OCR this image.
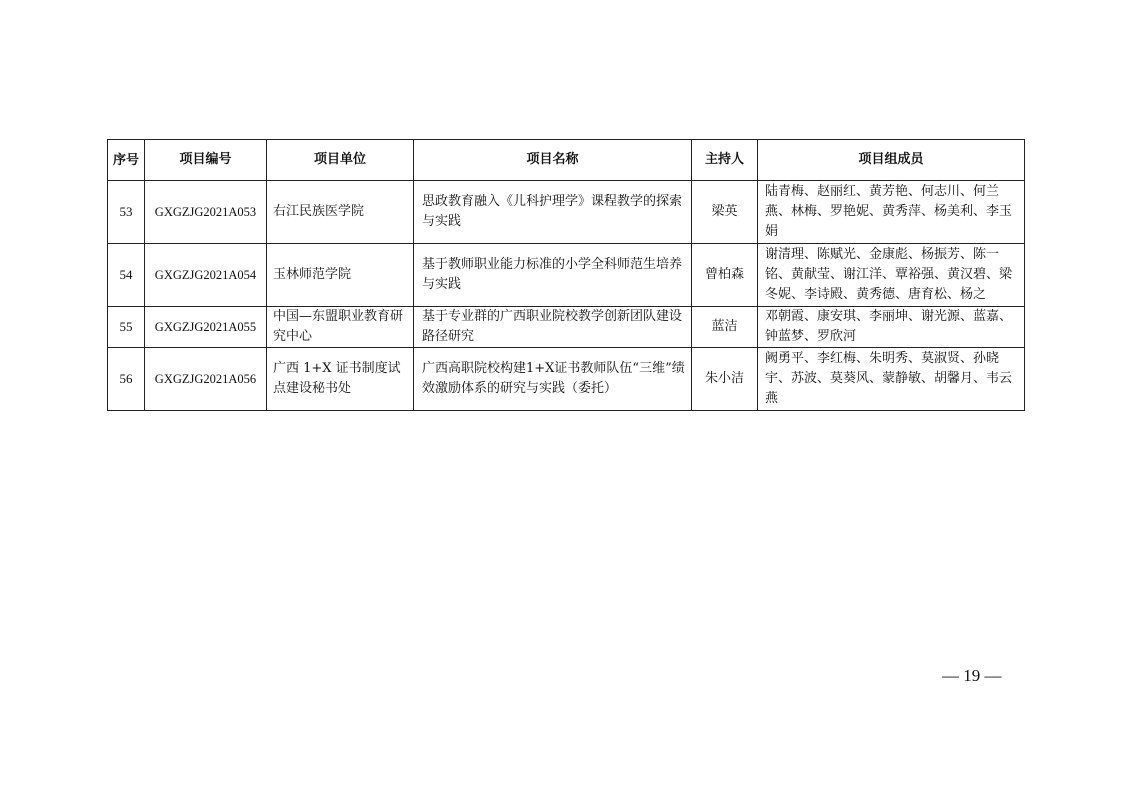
序号	项目编号	项目单位	项目名称	主持人	项目组成员
53	GXGZJG2021A053	右江民族医学院	思政教育融入《儿科护理学》课程教学的探索与实践	梁英	陆青梅、赵丽红、黄芳艳、何志川、何兰燕、林梅、罗艳妮、黄秀萍、杨美利、李玉娟
54	GXGZJG2021A054	玉林师范学院	基于教师职业能力标准的小学全科师范生培养与实践	曾柏森	谢清理、陈赋光、金康彪、杨振芳、陈一铭、黄献莹、谢江洋、覃裕强、黄汉碧、梁冬妮、李诗殿、黄秀德、唐育松、杨之
55	GXGZJG2021A055	中国—东盟职业教育研究中心	基于专业群的广西职业院校教学创新团队建设路径研究	蓝洁	邓朝霞、康安琪、李丽坤、谢光源、蓝嘉、钟蓝梦、罗欣河
56	GXGZJG2021A056	广西 1+X 证书制度试点建设秘书处	广西高职院校构建1+X证书教师队伍“三维”绩效激励体系的研究与实践（委托）	朱小洁	阙勇平、李红梅、朱明秀、莫淑贤、孙晓宇、苏波、莫葵风、蒙静敏、胡馨月、韦云燕
— 19 —
